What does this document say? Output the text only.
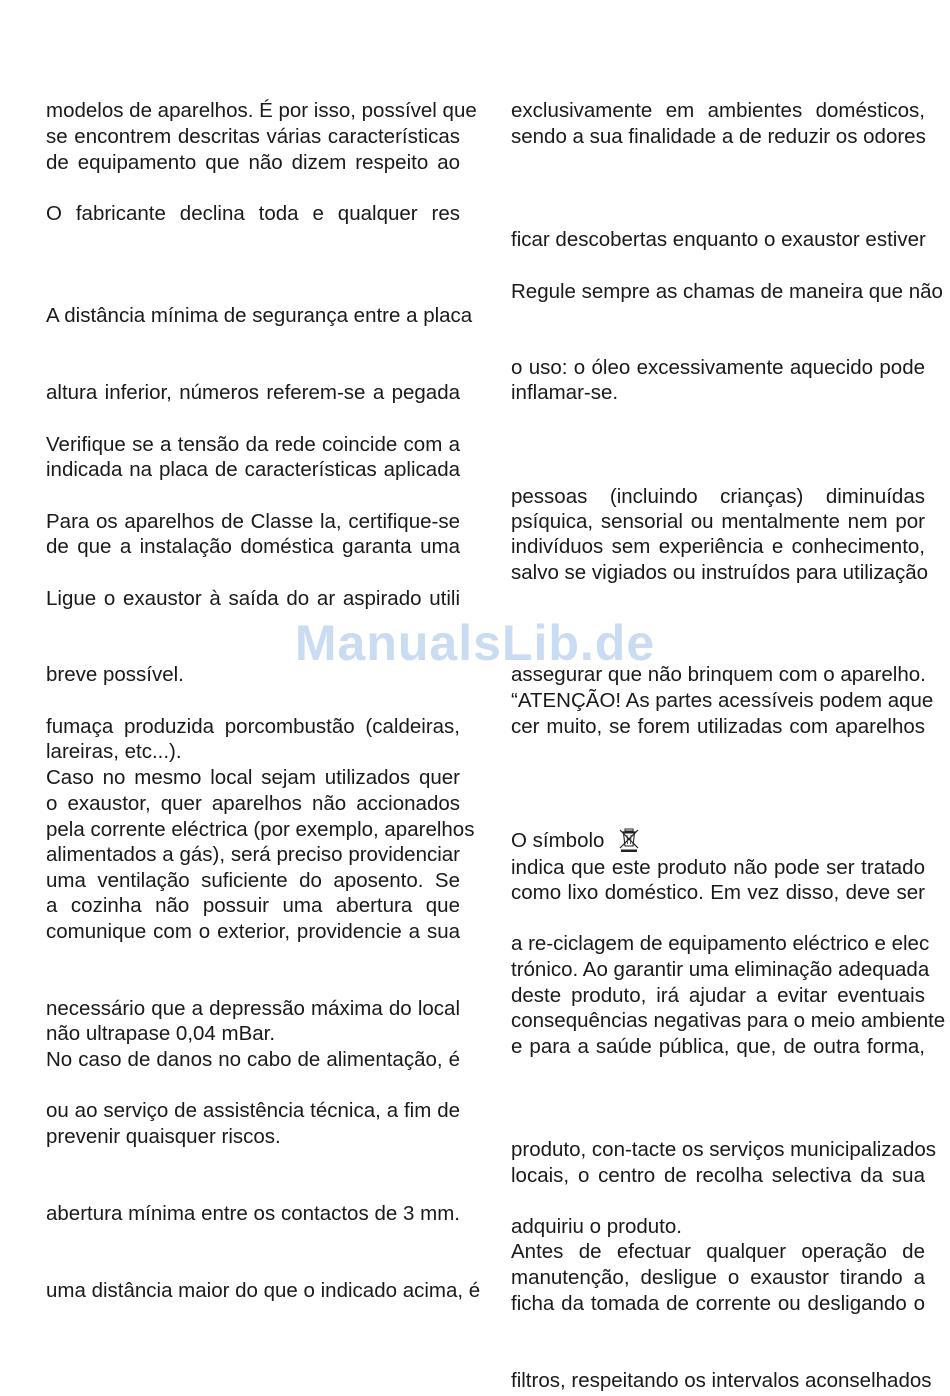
ManualsLib.de
modelos de aparelhos. É por isso, possível que
se encontrem descritas várias características
de equipamento que não dizem respeito ao
O fabricante declina toda e qualquer res
A distância mínima de segurança entre a placa
altura inferior, números referem-se a pegada
Verifique se a tensão da rede coincide com a
indicada na placa de características aplicada
Para os aparelhos de Classe la, certifique-se
de que a instalação doméstica garanta uma
Ligue o exaustor à saída do ar aspirado utili
breve possível.
fumaça produzida porcombustão (caldeiras,
lareiras, etc...).
Caso no mesmo local sejam utilizados quer
o exaustor, quer aparelhos não accionados
pela corrente eléctrica (por exemplo, aparelhos
alimentados a gás), será preciso providenciar
uma ventilação suficiente do aposento. Se
a cozinha não possuir uma abertura que
comunique com o exterior, providencie a sua
necessário que a depressão máxima do local
não ultrapase 0,04 mBar.
No caso de danos no cabo de alimentação, é
ou ao serviço de assistência técnica, a fim de
prevenir quaisquer riscos.
abertura mínima entre os contactos de 3 mm.
uma distância maior do que o indicado acima, é
exclusivamente em ambientes domésticos,
sendo a sua finalidade a de reduzir os odores
ficar descobertas enquanto o exaustor estiver
Regule sempre as chamas de maneira que não
o uso: o óleo excessivamente aquecido pode
inflamar-se.
pessoas (incluindo crianças) diminuídas
psíquica, sensorial ou mentalmente nem por
indivíduos sem experiência e conhecimento,
salvo se vigiados ou instruídos para utilização
assegurar que não brinquem com o aparelho.
“ATENÇÃO! As partes acessíveis podem aque
cer muito, se forem utilizadas com aparelhos
O símbolo
indica que este produto não pode ser tratado
como lixo doméstico. Em vez disso, deve ser
a re-ciclagem de equipamento eléctrico e elec
trónico. Ao garantir uma eliminação adequada
deste produto, irá ajudar a evitar eventuais
consequências negativas para o meio ambiente
e para a saúde pública, que, de outra forma,
produto, con-tacte os serviços municipalizados
locais, o centro de recolha selectiva da sua
adquiriu o produto.
Antes de efectuar qualquer operação de
manutenção, desligue o exaustor tirando a
ficha da tomada de corrente ou desligando o
filtros, respeitando os intervalos aconselhados
